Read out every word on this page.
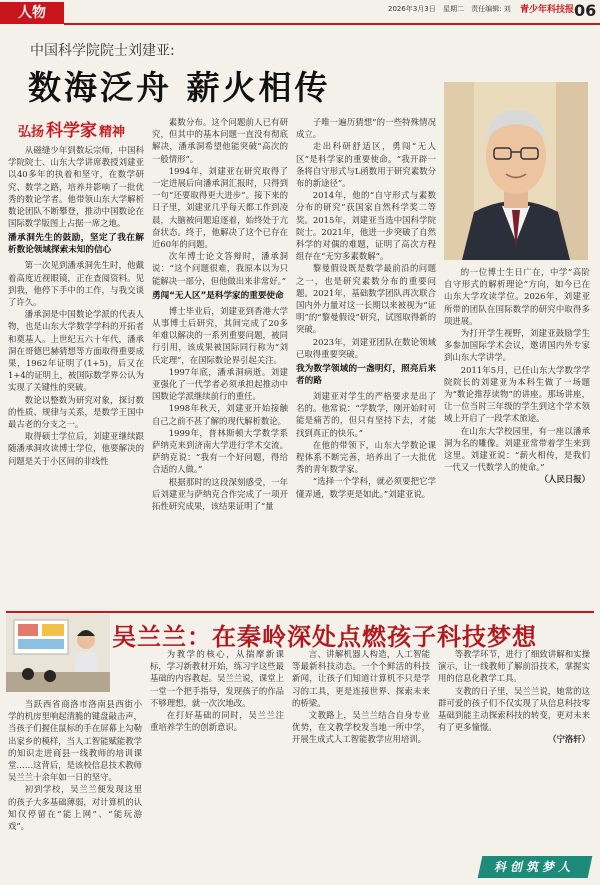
人物	2026年3月3日 星期二 责任编辑: 刘	青少年科技报 06
中国科学院院士刘建亚:
数海泛舟 薪火相传
弘扬 科学家 精神

从磁缝少年到数坛宗师，中国科学院院士、山东大学讲席教授刘建亚以40多年的执着和坚守，在数学研究、数学之路，培养并影响了一批优秀的数论学者。他带领山东大学解析数论团队不断攀登，推动中国数论在国际数学版图上占据一席之地。

潘承洞先生的鼓励，坚定了我在解析数论领域探索未知的信心

第一次见到潘承洞先生时，他戴着高度近视眼镜，正在查阅资料。见到我，他停下手中的工作，与我交谈了许久。

潘承洞是中国数论学派的代表人物，也是山东大学数学学科的开拓者和奠基人。上世纪五六十年代，潘承洞在哥德巴赫猜想等方面取得重要成果，1962年证明了(1+5)，后又在1+4的证明上，被国际数学界公认为实现了关键性的突破。

数论以整数为研究对象，探讨数的性质、规律与关系，是数学王国中最古老的分支之一。

取得硕士学位后，刘建亚继续跟随潘承洞攻读博士学位，他要解决的问题是关于小区间的非线性

素数分布。这个问题前人已有研究，但其中的基本问题一直没有彻底解决，潘承洞希望他能突破“高次的一般情形”。

1994年，刘建亚在研究取得了一定进展后向潘承洞汇报时，只得到一句“还要取得更大进步”。接下来的日子里，刘建亚几乎每天都工作到凌晨，大脑被问题追逐着，始终处于亢奋状态。终于，他解决了这个已存在近60年的问题。

次年博士论文答辩时，潘承洞说：“这个问题很难，我原本以为只能解决一部分，但他做出来非常好。”

勇闯“无人区”是科学家的重要使命

博士毕业后，刘建亚到香港大学从事博士后研究，其间完成了20多年难以解决的一系列重要问题，被同行引用，该成果被国际同行称为“刘氏定理”，在国际数论界引起关注。

1997年底，潘承洞病逝。刘建亚强化了一代学者必须承担起推动中国数论学派继续前行的重任。

1998年秋天，刘建亚开始接触自己之前不甚了解的现代解析数论。

1999年，普林斯顿大学数学系萨纳克来到济南大学进行学术交流。萨纳克说：“我有一个好问题，得给合适的人做。”

根据那时的这段深刻感受，一年后刘建亚与萨纳克合作完成了一项开拓性研究成果，该结果证明了“量

子唯一遍历猜想”的一些特殊情况成立。

走出科研舒适区，勇闯“无人区”是科学家的重要使命。“我开辟一条将自守形式与L函数用于研究素数分布的新途径”。

2014年，他的“自守形式与素数分布的研究”获国家自然科学奖二等奖。2015年，刘建亚当选中国科学院院士。2021年，他进一步突破了自然科学的对偶的难题，证明了高次方程组存在“无穷多素数解”。

黎曼假设既是数学最前沿的问题之一，也是研究素数分布的重要问题。2021年，基础数学团队再次联合国内外力量对这一长期以来被视为“证明”的“黎曼假设”研究，试图取得新的突破。

2023年，刘建亚团队在数论领域已取得重要突破。

我为数学领域的一盏明灯，照亮后来者的路

刘建亚对学生的严格要求是出了名的。他常说：“学数学，刚开始时可能是痛苦的，但只有坚持下去，才能找到真正的快乐。”

在他的带领下，山东大学数论课程体系不断完善，培养出了一大批优秀的青年数学家。

“选择一个学科，就必须要把它学懂弄通，数学更是如此。”刘建亚说。

的一位博士生日广在，中学“高阶自守形式的解析理论”方向，如今已在山东大学攻读学位。2026年，刘建亚所带的团队在国际数学的研究中取得多项进展。

为打开学生视野，刘建亚鼓励学生多参加国际学术会议，邀请国内外专家到山东大学讲学。

2011年5月，已任山东大学数学学院院长的刘建亚为本科生做了一场题为“数论推荐读物”的讲座。那场讲座，让一位当时三年级的学生到这个学术领域上开启了一段学术旅途。

在山东大学校园里，有一座以潘承洞为名的雕像。刘建亚常带着学生来到这里。刘建亚说：“薪火相传，是我们一代又一代数学人的使命。”

（人民日报）
吴兰兰：在秦岭深处点燃孩子科技梦想

当跃西省商洛市洛南县西街小学的机房里响起清脆的键盘敲击声，当孩子们握住鼠标的手在屏幕上勾勒出家乡的模样，当人工智能赋能教学的知识走进商县一线教师的培训课堂……这背后，是该校信息技术教师吴兰兰十余年如一日的坚守。

初到学校，吴兰兰便发现这里的孩子大多基础薄弱，对计算机的认知仅停留在“能上网”、“能玩游戏”。

为教学的核心，从揣摩新课标，学习新教材开始，练习字这些最基础的内容教起。吴兰兰说，课堂上一堂一个把手指导，发现孩子的作品不够理想，就一次次地改。

在打好基础的同时，吴兰兰注重培养学生的创新意识。

言、讲解机器人构造，人工智能等最新科技动态。一个个鲜活的科技新闻，让孩子们知道计算机不只是学习的工具，更是连接世界、探索未来的桥梁。

文教路上，吴兰兰结合自身专业优势，在文教学校发当地一所中学，开展生成式人工智能教学应用培训。

等教学环节，进行了细致讲解和实操演示，让一线教师了解前沿技术，掌握实用的信息化教学工具。

支教的日子里，吴兰兰说，她常的这群可爱的孩子们不仅实现了从信息科技零基础到能主动探索科技的转变，更对未来有了更多憧憬。

（宁洛轩）
科创筑梦人
